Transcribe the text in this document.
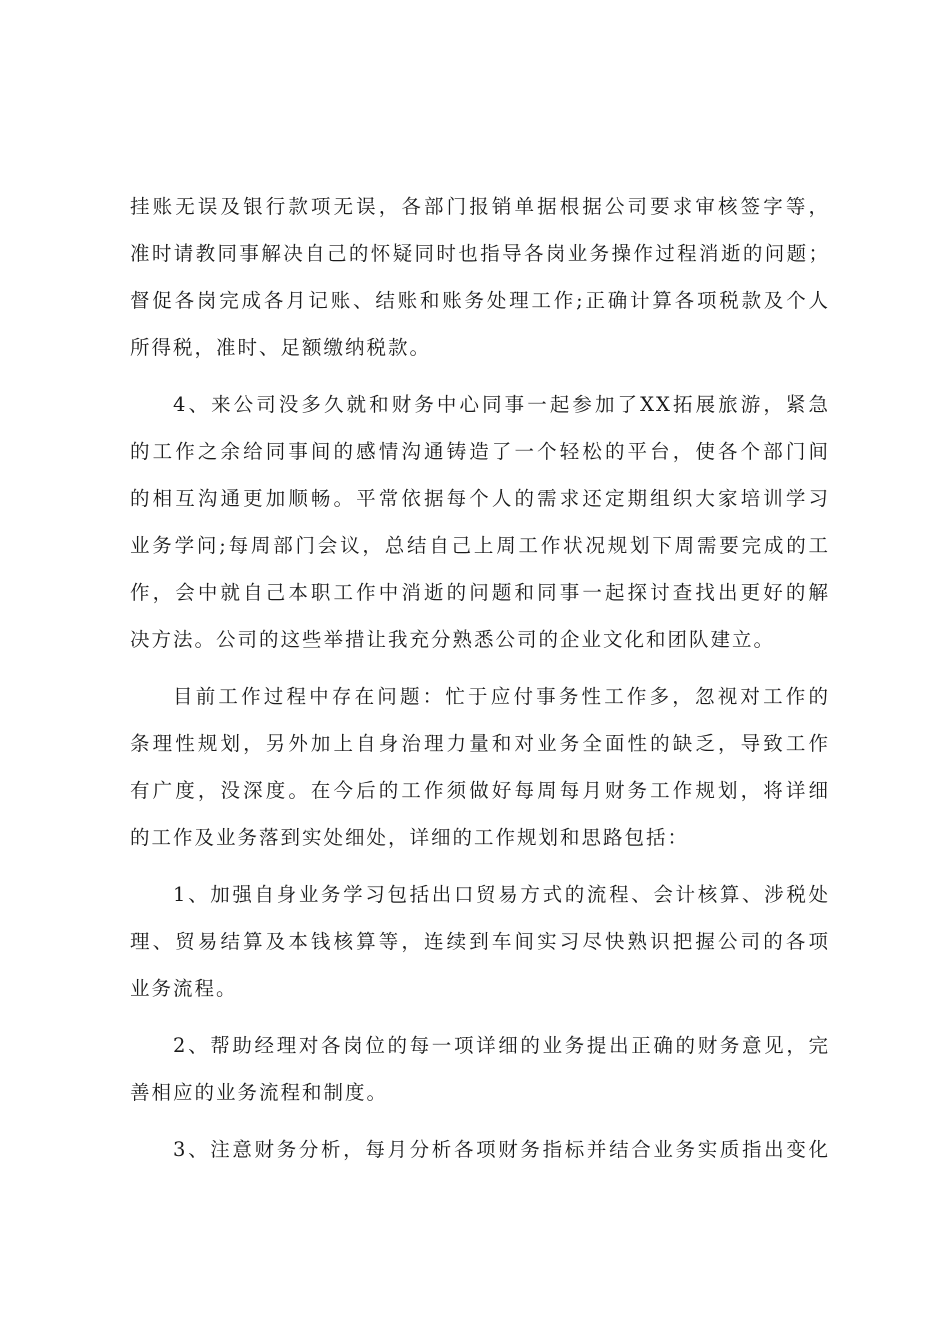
挂账无误及银行款项无误，各部门报销单据根据公司要求审核签字等，
准时请教同事解决自己的怀疑同时也指导各岗业务操作过程消逝的问题；
督促各岗完成各月记账、结账和账务处理工作;正确计算各项税款及个人
所得税，准时、足额缴纳税款。
4、来公司没多久就和财务中心同事一起参加了XX拓展旅游，紧急
的工作之余给同事间的感情沟通铸造了一个轻松的平台，使各个部门间
的相互沟通更加顺畅。平常依据每个人的需求还定期组织大家培训学习
业务学问;每周部门会议，总结自己上周工作状况规划下周需要完成的工
作，会中就自己本职工作中消逝的问题和同事一起探讨查找出更好的解
决方法。公司的这些举措让我充分熟悉公司的企业文化和团队建立。
目前工作过程中存在问题：忙于应付事务性工作多，忽视对工作的
条理性规划，另外加上自身治理力量和对业务全面性的缺乏，导致工作
有广度，没深度。在今后的工作须做好每周每月财务工作规划，将详细
的工作及业务落到实处细处，详细的工作规划和思路包括：
1、加强自身业务学习包括出口贸易方式的流程、会计核算、涉税处
理、贸易结算及本钱核算等，连续到车间实习尽快熟识把握公司的各项
业务流程。
2、帮助经理对各岗位的每一项详细的业务提出正确的财务意见，完
善相应的业务流程和制度。
3、注意财务分析，每月分析各项财务指标并结合业务实质指出变化
